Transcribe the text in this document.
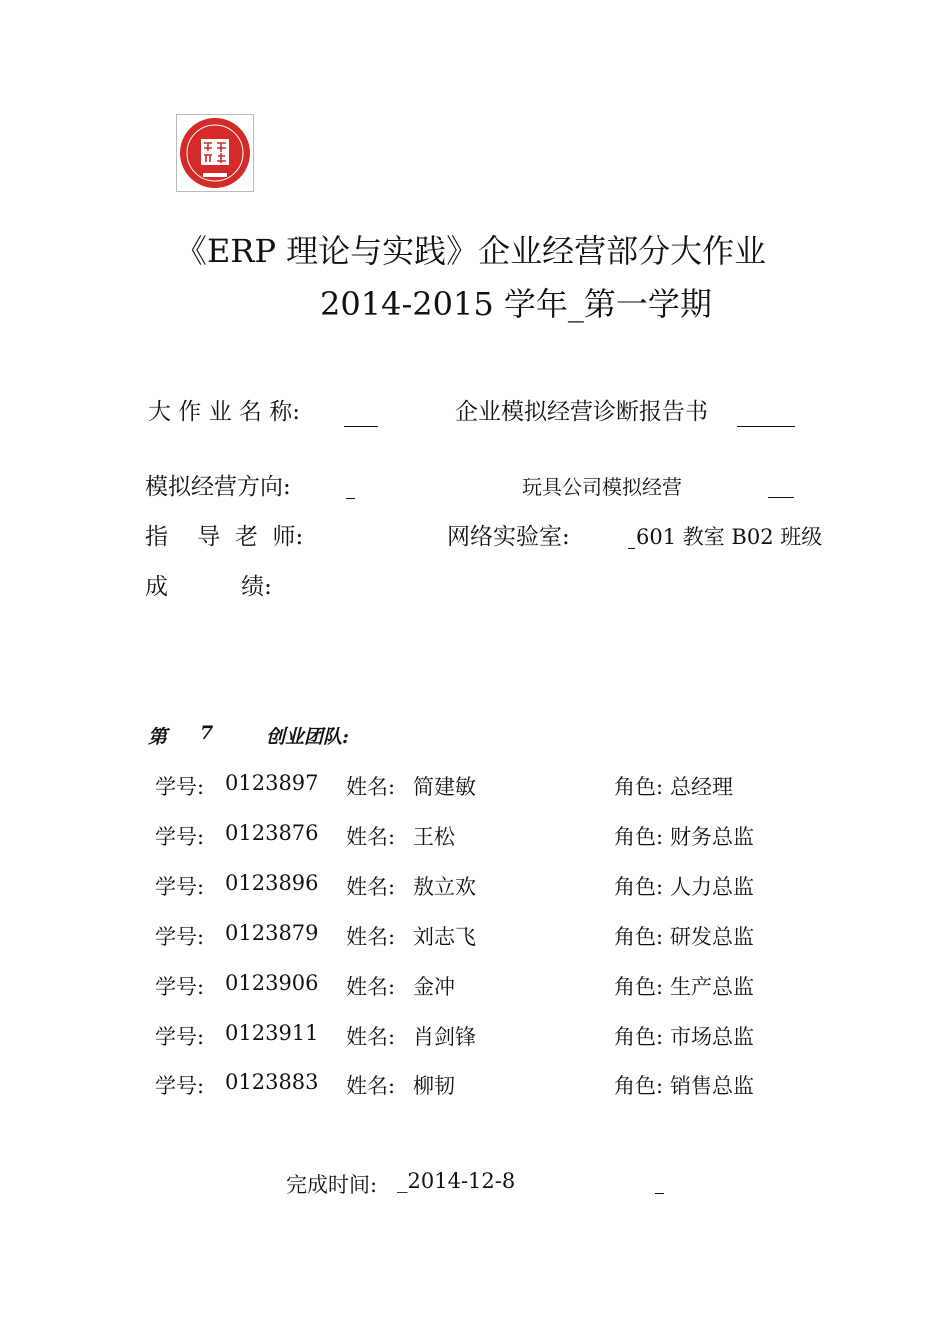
《ERP 理论与实践》企业经营部分大作业
2014-2015 学年_第一学期
大 作 业 名 称:	企业模拟经营诊断报告书
模拟经营方向:	玩具公司模拟经营
指    导  老  师:	网络实验室:	601 教室 B02 班级
成          绩:
第 7	创业团队:
学号: 0123897 姓名: 简建敏	角色: 总经理
学号: 0123876 姓名: 王松	角色: 财务总监
学号: 0123896 姓名: 敖立欢	角色: 人力总监
学号: 0123879 姓名: 刘志飞	角色: 研发总监
学号: 0123906 姓名: 金冲	角色: 生产总监
学号: 0123911 姓名: 肖剑锋	角色: 市场总监
学号: 0123883 姓名: 柳韧	角色: 销售总监
完成时间: _2014-12-8
